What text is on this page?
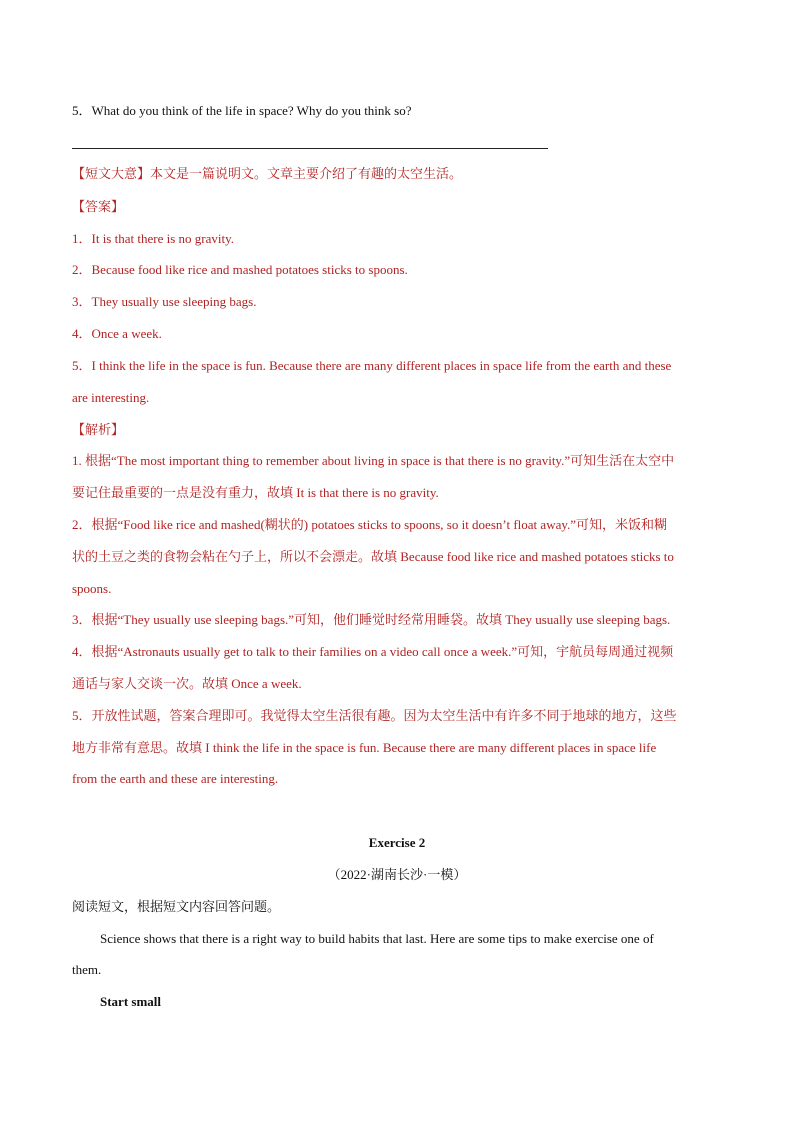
5．What do you think of the life in space? Why do you think so?
【短文大意】本文是一篇说明文。文章主要介绍了有趣的太空生活。
【答案】
1．It is that there is no gravity.
2．Because food like rice and mashed potatoes sticks to spoons.
3．They usually use sleeping bags.
4．Once a week.
5．I think the life in the space is fun. Because there are many different places in space life from the earth and these
are interesting.
【解析】
1. 根据“The most important thing to remember about living in space is that there is no gravity.”可知生活在太空中
要记住最重要的一点是没有重力，故填 It is that there is no gravity.
2．根据“Food like rice and mashed(糊状的) potatoes sticks to spoons, so it doesn’t float away.”可知，米饭和糊
状的土豆之类的食物会粘在勺子上，所以不会漂走。故填 Because food like rice and mashed potatoes sticks to
spoons.
3．根据“They usually use sleeping bags.”可知，他们睡觉时经常用睡袋。故填 They usually use sleeping bags.
4．根据“Astronauts usually get to talk to their families on a video call once a week.”可知，宇航员每周通过视频
通话与家人交谈一次。故填 Once a week.
5．开放性试题，答案合理即可。我觉得太空生活很有趣。因为太空生活中有许多不同于地球的地方，这些
地方非常有意思。故填 I think the life in the space is fun. Because there are many different places in space life
from the earth and these are interesting.
Exercise 2
（2022·湖南长沙·一模）
阅读短文，根据短文内容回答问题。
Science shows that there is a right way to build habits that last. Here are some tips to make exercise one of
them.
Start small
